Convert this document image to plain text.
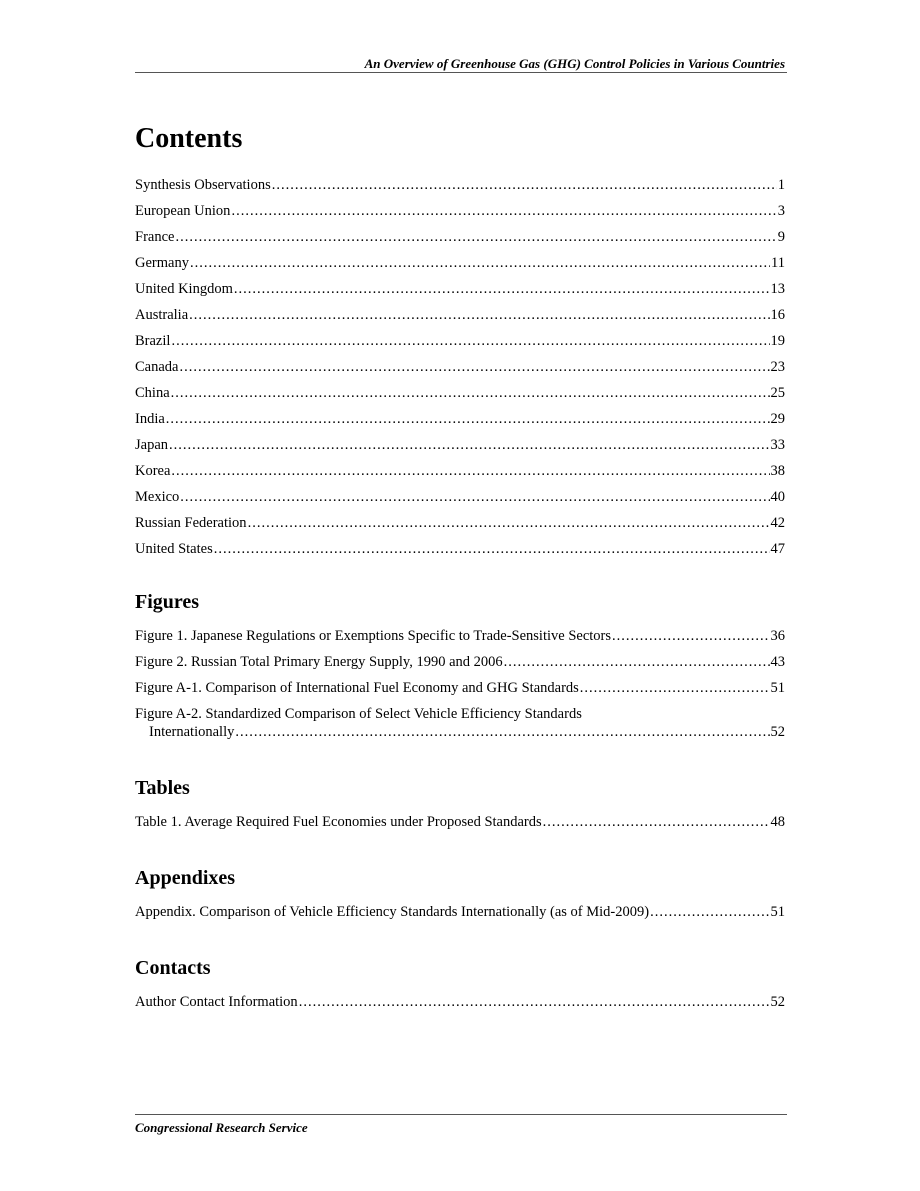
An Overview of Greenhouse Gas (GHG) Control Policies in Various Countries
Contents
Synthesis Observations .....	1
European Union .....	3
France .....	9
Germany .....	11
United Kingdom .....	13
Australia .....	16
Brazil .....	19
Canada .....	23
China .....	25
India .....	29
Japan .....	33
Korea .....	38
Mexico .....	40
Russian Federation .....	42
United States .....	47
Figures
Figure 1. Japanese Regulations or Exemptions Specific to Trade-Sensitive Sectors .....	36
Figure 2. Russian Total Primary Energy Supply, 1990 and 2006 .....	43
Figure A-1. Comparison of International Fuel Economy and GHG Standards .....	51
Figure A-2. Standardized Comparison of Select Vehicle Efficiency Standards
Internationally .....	52
Tables
Table 1. Average Required Fuel Economies under Proposed Standards .....	48
Appendixes
Appendix. Comparison of Vehicle Efficiency Standards Internationally (as of Mid-2009) .....	51
Contacts
Author Contact Information .....	52
Congressional Research Service
